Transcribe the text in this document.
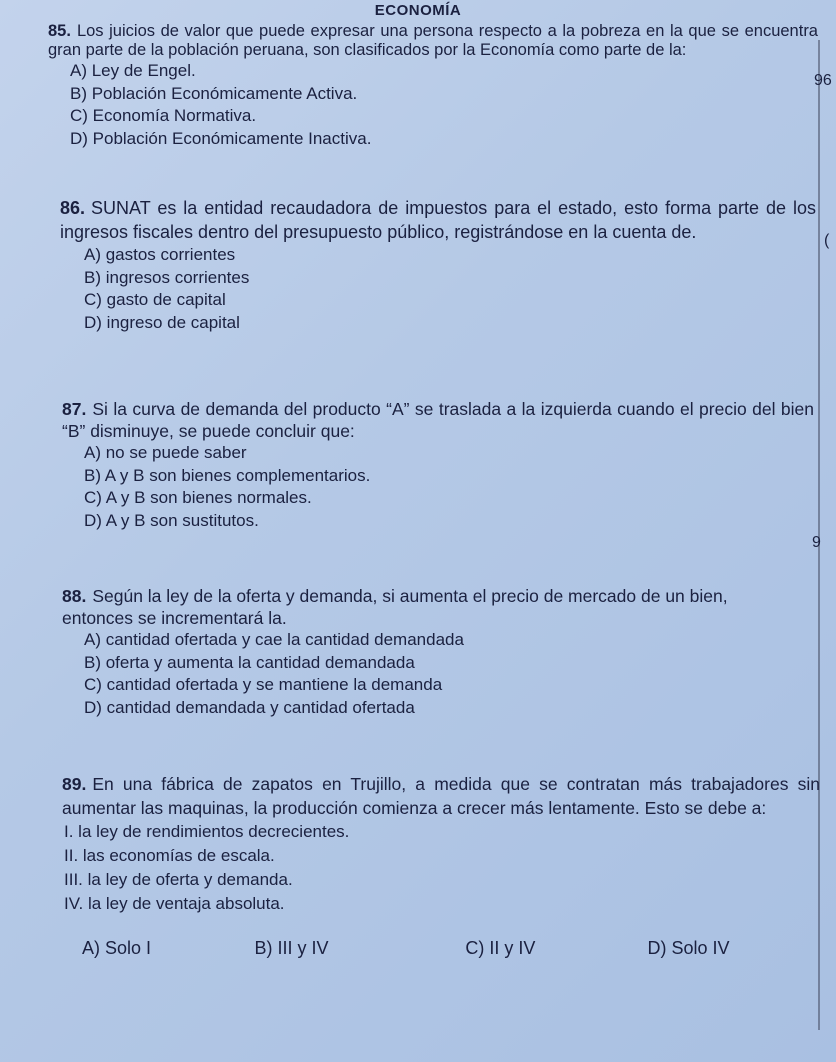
ECONOMÍA
96
(
9

85. Los juicios de valor que puede expresar una persona respecto a la pobreza en la que se encuentra gran parte de la población peruana, son clasificados por la Economía como parte de la:

A) Ley de Engel.
B) Población Económicamente Activa.
C) Economía Normativa.
D) Población Económicamente Inactiva.

86. SUNAT es la entidad recaudadora de impuestos para el estado, esto forma parte de los ingresos fiscales dentro del presupuesto público, registrándose en la cuenta de.

A) gastos corrientes
B) ingresos corrientes
C) gasto de capital
D) ingreso de capital

87. Si la curva de demanda del producto “A” se traslada a la izquierda cuando el precio del bien “B” disminuye, se puede concluir que:

A) no se puede saber
B) A y B son bienes complementarios.
C) A y B son bienes normales.
D) A y B son sustitutos.

88. Según la ley de la oferta y demanda, si aumenta el precio de mercado de un bien, entonces se incrementará la.

A) cantidad ofertada y cae la cantidad demandada
B) oferta y aumenta la cantidad demandada
C) cantidad ofertada y se mantiene la demanda
D) cantidad demandada y cantidad ofertada

89. En una fábrica de zapatos en Trujillo, a medida que se contratan más trabajadores sin aumentar las maquinas, la producción comienza a crecer más lentamente. Esto se debe a:

I. la ley de rendimientos decrecientes.
II. las economías de escala.
III. la ley de oferta y demanda.
IV. la ley de ventaja absoluta.
A) Solo I	B) III y IV	C) II y IV	D) Solo IV
